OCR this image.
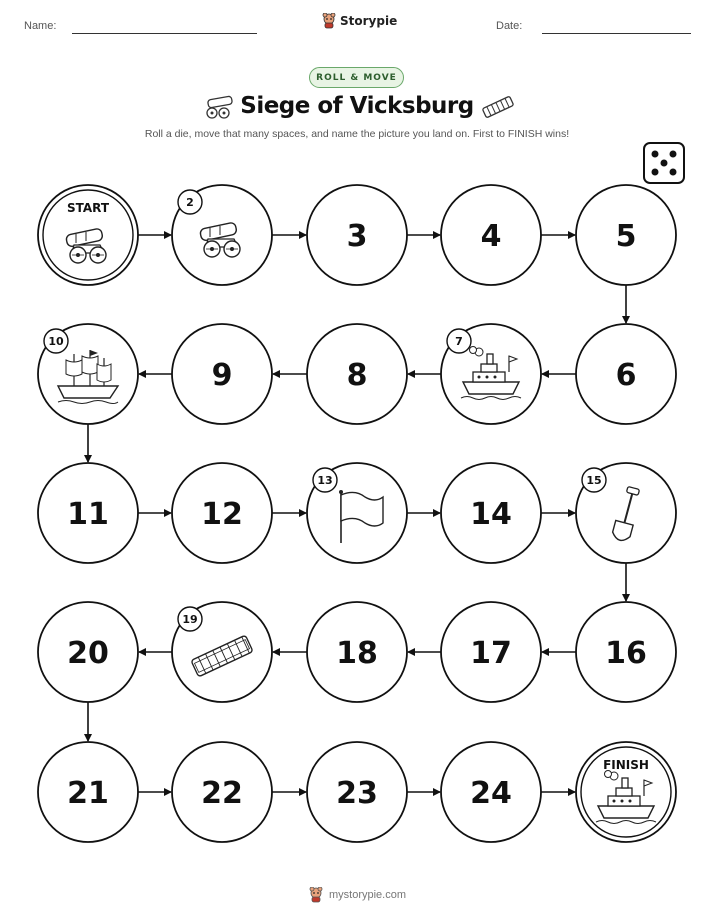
Name:	Storypie	Date:
ROLL & MOVE
Siege of Vicksburg
Roll a die, move that many spaces, and name the picture you land on. First to FINISH wins!
START	2
3	4	5
6
7
8
9
10
11	12
13
14
15
16
17
18
19
20
21	22	23	24
FINISH
mystorypie.com
